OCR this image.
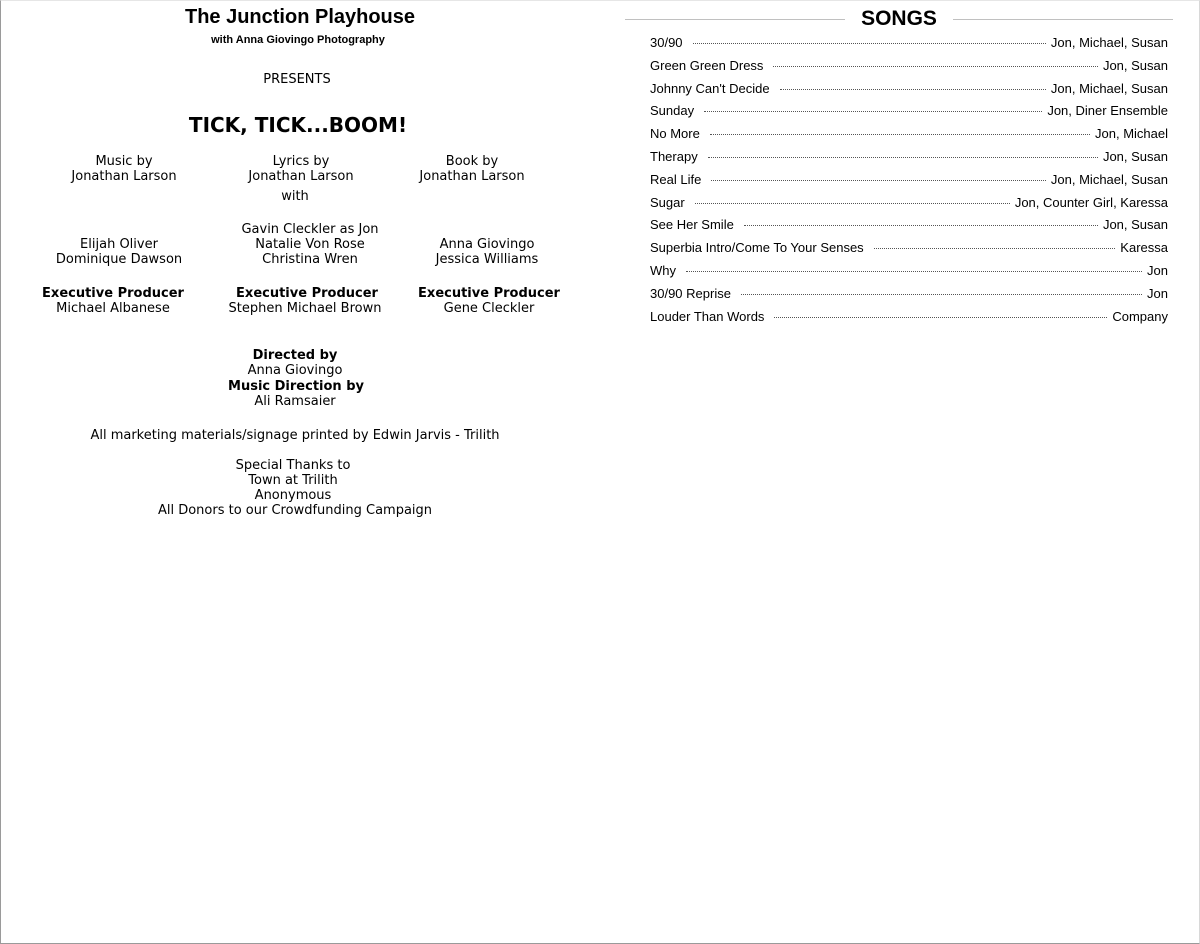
The Junction Playhouse
with Anna Giovingo Photography
PRESENTS
TICK, TICK...BOOM!
Music by
Jonathan Larson
Lyrics by
Jonathan Larson
Book by
Jonathan Larson
with
Gavin Cleckler as Jon
Natalie Von Rose
Christina Wren
Elijah Oliver
Dominique Dawson
Anna Giovingo
Jessica Williams
Executive Producer
Michael Albanese
Executive Producer
Stephen Michael Brown
Executive Producer
Gene Cleckler
Directed by
Anna Giovingo
Music Direction by
Ali Ramsaier
All marketing materials/signage printed by Edwin Jarvis - Trilith
Special Thanks to
Town at Trilith
Anonymous
All Donors to our Crowdfunding Campaign
SONGS
30/90	Jon, Michael, Susan
Green Green Dress	Jon, Susan
Johnny Can't Decide	Jon, Michael, Susan
Sunday	Jon, Diner Ensemble
No More	Jon, Michael
Therapy	Jon, Susan
Real Life	Jon, Michael, Susan
Sugar	Jon, Counter Girl, Karessa
See Her Smile	Jon, Susan
Superbia Intro/Come To Your Senses	Karessa
Why	Jon
30/90 Reprise	Jon
Louder Than Words	Company
